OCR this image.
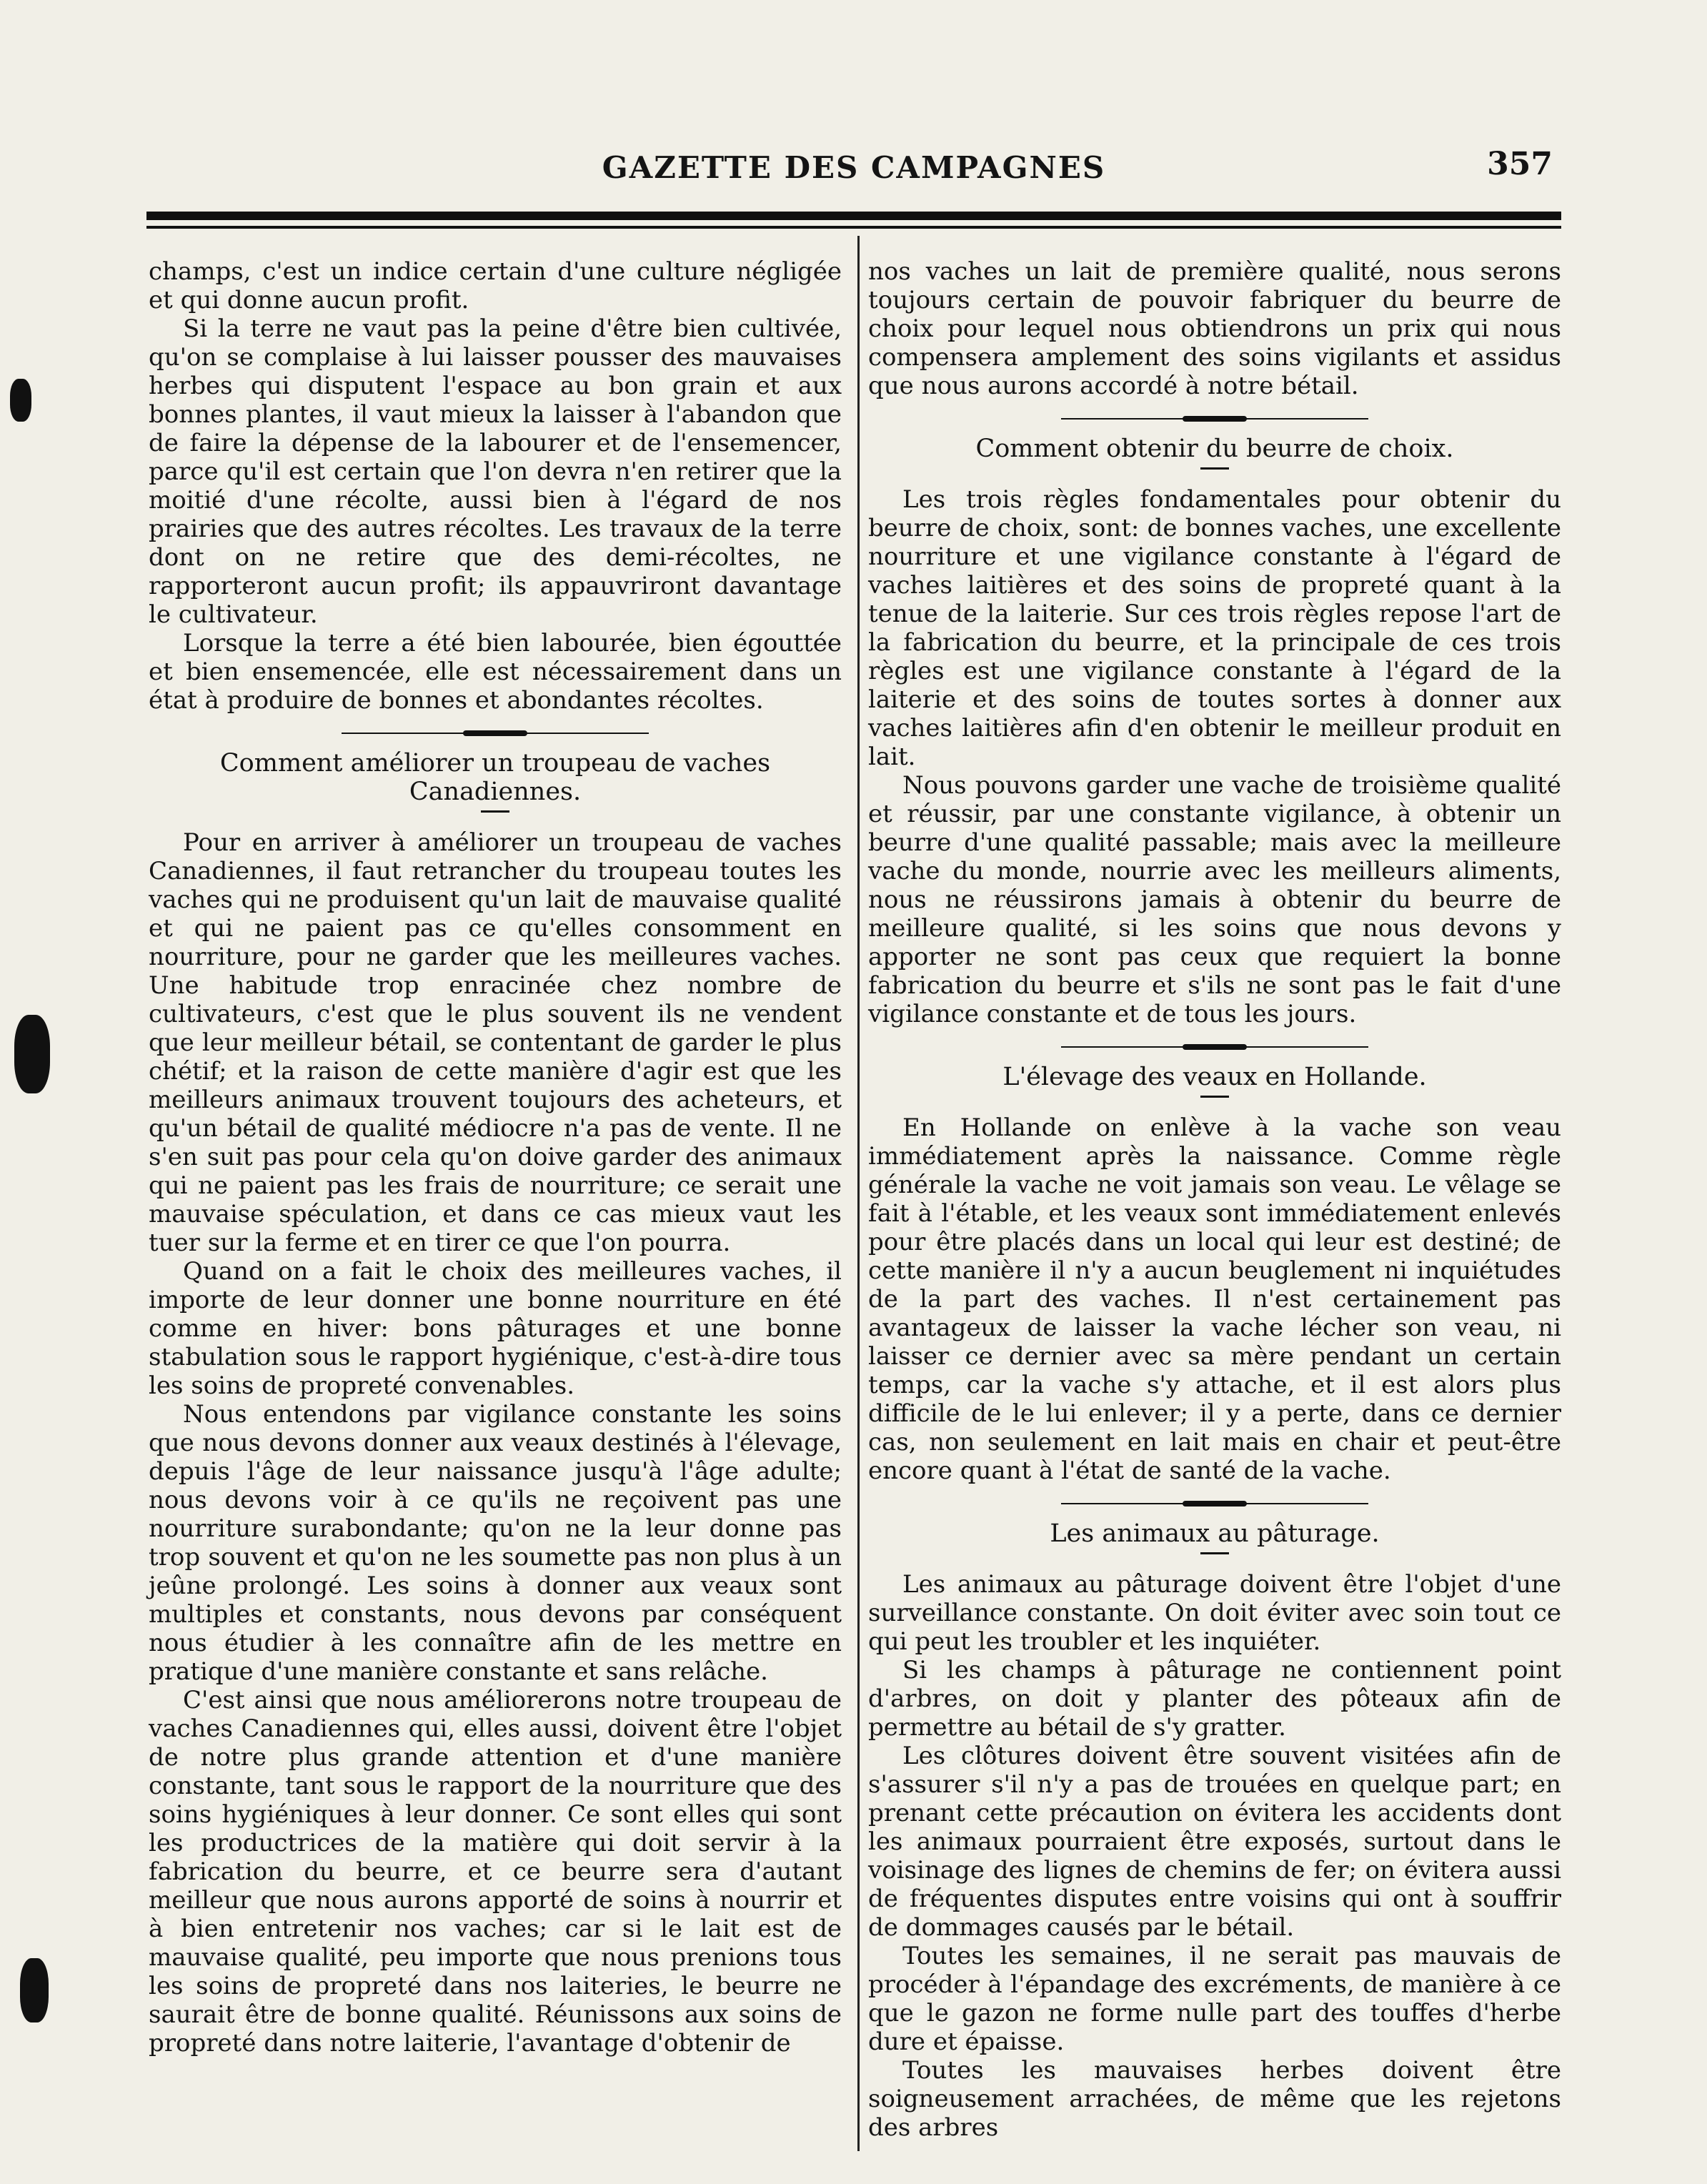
GAZETTE DES CAMPAGNES	357

champs, c'est un indice certain d'une culture négligée et qui donne aucun profit.

Si la terre ne vaut pas la peine d'être bien cultivée, qu'on se complaise à lui laisser pousser des mauvaises herbes qui disputent l'espace au bon grain et aux bonnes plantes, il vaut mieux la laisser à l'abandon que de faire la dépense de la labourer et de l'ensemencer, parce qu'il est certain que l'on devra n'en retirer que la moitié d'une récolte, aussi bien à l'égard de nos prairies que des autres récoltes. Les travaux de la terre dont on ne retire que des demi-récoltes, ne rapporteront aucun profit; ils appauvriront davantage le cultivateur.

Lorsque la terre a été bien labourée, bien égouttée et bien ensemencée, elle est nécessairement dans un état à produire de bonnes et abondantes récoltes.

Comment améliorer un troupeau de vaches Canadiennes.

Pour en arriver à améliorer un troupeau de vaches Canadiennes, il faut retrancher du troupeau toutes les vaches qui ne produisent qu'un lait de mauvaise qualité et qui ne paient pas ce qu'elles consomment en nourriture, pour ne garder que les meilleures vaches. Une habitude trop enracinée chez nombre de cultivateurs, c'est que le plus souvent ils ne vendent que leur meilleur bétail, se contentant de garder le plus chétif; et la raison de cette manière d'agir est que les meilleurs animaux trouvent toujours des acheteurs, et qu'un bétail de qualité médiocre n'a pas de vente. Il ne s'en suit pas pour cela qu'on doive garder des animaux qui ne paient pas les frais de nourriture; ce serait une mauvaise spéculation, et dans ce cas mieux vaut les tuer sur la ferme et en tirer ce que l'on pourra.

Quand on a fait le choix des meilleures vaches, il importe de leur donner une bonne nourriture en été comme en hiver: bons pâturages et une bonne stabulation sous le rapport hygiénique, c'est-à-dire tous les soins de propreté convenables.

Nous entendons par vigilance constante les soins que nous devons donner aux veaux destinés à l'élevage, depuis l'âge de leur naissance jusqu'à l'âge adulte; nous devons voir à ce qu'ils ne reçoivent pas une nourriture surabondante; qu'on ne la leur donne pas trop souvent et qu'on ne les soumette pas non plus à un jeûne prolongé. Les soins à donner aux veaux sont multiples et constants, nous devons par conséquent nous étudier à les connaître afin de les mettre en pratique d'une manière constante et sans relâche.

C'est ainsi que nous améliorerons notre troupeau de vaches Canadiennes qui, elles aussi, doivent être l'objet de notre plus grande attention et d'une manière constante, tant sous le rapport de la nourriture que des soins hygiéniques à leur donner. Ce sont elles qui sont les productrices de la matière qui doit servir à la fabrication du beurre, et ce beurre sera d'autant meilleur que nous aurons apporté de soins à nourrir et à bien entretenir nos vaches; car si le lait est de mauvaise qualité, peu importe que nous prenions tous les soins de propreté dans nos laiteries, le beurre ne saurait être de bonne qualité. Réunissons aux soins de propreté dans notre laiterie, l'avantage d'obtenir de

nos vaches un lait de première qualité, nous serons toujours certain de pouvoir fabriquer du beurre de choix pour lequel nous obtiendrons un prix qui nous compensera amplement des soins vigilants et assidus que nous aurons accordé à notre bétail.

Comment obtenir du beurre de choix.

Les trois règles fondamentales pour obtenir du beurre de choix, sont: de bonnes vaches, une excellente nourriture et une vigilance constante à l'égard de vaches laitières et des soins de propreté quant à la tenue de la laiterie. Sur ces trois règles repose l'art de la fabrication du beurre, et la principale de ces trois règles est une vigilance constante à l'égard de la laiterie et des soins de toutes sortes à donner aux vaches laitières afin d'en obtenir le meilleur produit en lait.

Nous pouvons garder une vache de troisième qualité et réussir, par une constante vigilance, à obtenir un beurre d'une qualité passable; mais avec la meilleure vache du monde, nourrie avec les meilleurs aliments, nous ne réussirons jamais à obtenir du beurre de meilleure qualité, si les soins que nous devons y apporter ne sont pas ceux que requiert la bonne fabrication du beurre et s'ils ne sont pas le fait d'une vigilance constante et de tous les jours.

L'élevage des veaux en Hollande.

En Hollande on enlève à la vache son veau immédiatement après la naissance. Comme règle générale la vache ne voit jamais son veau. Le vêlage se fait à l'étable, et les veaux sont immédiatement enlevés pour être placés dans un local qui leur est destiné; de cette manière il n'y a aucun beuglement ni inquiétudes de la part des vaches. Il n'est certainement pas avantageux de laisser la vache lécher son veau, ni laisser ce dernier avec sa mère pendant un certain temps, car la vache s'y attache, et il est alors plus difficile de le lui enlever; il y a perte, dans ce dernier cas, non seulement en lait mais en chair et peut-être encore quant à l'état de santé de la vache.

Les animaux au pâturage.

Les animaux au pâturage doivent être l'objet d'une surveillance constante. On doit éviter avec soin tout ce qui peut les troubler et les inquiéter.

Si les champs à pâturage ne contiennent point d'arbres, on doit y planter des pôteaux afin de permettre au bétail de s'y gratter.

Les clôtures doivent être souvent visitées afin de s'assurer s'il n'y a pas de trouées en quelque part; en prenant cette précaution on évitera les accidents dont les animaux pourraient être exposés, surtout dans le voisinage des lignes de chemins de fer; on évitera aussi de fréquentes disputes entre voisins qui ont à souffrir de dommages causés par le bétail.

Toutes les semaines, il ne serait pas mauvais de procéder à l'épandage des excréments, de manière à ce que le gazon ne forme nulle part des touffes d'herbe dure et épaisse.

Toutes les mauvaises herbes doivent être soigneusement arrachées, de même que les rejetons des arbres
